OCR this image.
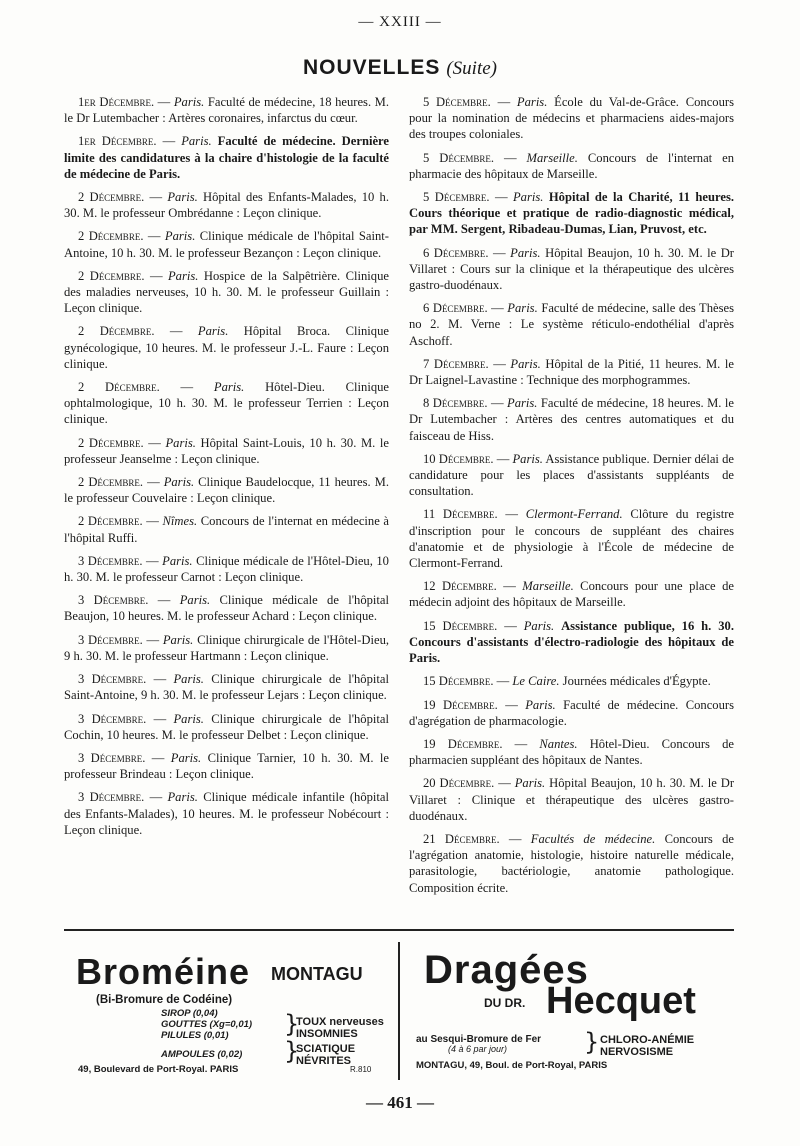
— XXIII —
NOUVELLES (Suite)

1er Décembre. — Paris. Faculté de médecine, 18 heures. M. le Dr Lutembacher : Artères coronaires, infarctus du cœur.

1er Décembre. — Paris. Faculté de médecine. Dernière limite des candidatures à la chaire d'histologie de la faculté de médecine de Paris.

2 Décembre. — Paris. Hôpital des Enfants-Malades, 10 h. 30. M. le professeur Ombrédanne : Leçon clinique.

2 Décembre. — Paris. Clinique médicale de l'hôpital Saint-Antoine, 10 h. 30. M. le professeur Bezançon : Leçon clinique.

2 Décembre. — Paris. Hospice de la Salpêtrière. Clinique des maladies nerveuses, 10 h. 30. M. le professeur Guillain : Leçon clinique.

2 Décembre. — Paris. Hôpital Broca. Clinique gynécologique, 10 heures. M. le professeur J.-L. Faure : Leçon clinique.

2 Décembre. — Paris. Hôtel-Dieu. Clinique ophtalmologique, 10 h. 30. M. le professeur Terrien : Leçon clinique.

2 Décembre. — Paris. Hôpital Saint-Louis, 10 h. 30. M. le professeur Jeanselme : Leçon clinique.

2 Décembre. — Paris. Clinique Baudelocque, 11 heures. M. le professeur Couvelaire : Leçon clinique.

2 Décembre. — Nîmes. Concours de l'internat en médecine à l'hôpital Ruffi.

3 Décembre. — Paris. Clinique médicale de l'Hôtel-Dieu, 10 h. 30. M. le professeur Carnot : Leçon clinique.

3 Décembre. — Paris. Clinique médicale de l'hôpital Beaujon, 10 heures. M. le professeur Achard : Leçon clinique.

3 Décembre. — Paris. Clinique chirurgicale de l'Hôtel-Dieu, 9 h. 30. M. le professeur Hartmann : Leçon clinique.

3 Décembre. — Paris. Clinique chirurgicale de l'hôpital Saint-Antoine, 9 h. 30. M. le professeur Lejars : Leçon clinique.

3 Décembre. — Paris. Clinique chirurgicale de l'hôpital Cochin, 10 heures. M. le professeur Delbet : Leçon clinique.

3 Décembre. — Paris. Clinique Tarnier, 10 h. 30. M. le professeur Brindeau : Leçon clinique.

3 Décembre. — Paris. Clinique médicale infantile (hôpital des Enfants-Malades), 10 heures. M. le professeur Nobécourt : Leçon clinique.

5 Décembre. — Paris. École du Val-de-Grâce. Concours pour la nomination de médecins et pharmaciens aides-majors des troupes coloniales.

5 Décembre. — Marseille. Concours de l'internat en pharmacie des hôpitaux de Marseille.

5 Décembre. — Paris. Hôpital de la Charité, 11 heures. Cours théorique et pratique de radio-diagnostic médical, par MM. Sergent, Ribadeau-Dumas, Lian, Pruvost, etc.

6 Décembre. — Paris. Hôpital Beaujon, 10 h. 30. M. le Dr Villaret : Cours sur la clinique et la thérapeutique des ulcères gastro-duodénaux.

6 Décembre. — Paris. Faculté de médecine, salle des Thèses no 2. M. Verne : Le système réticulo-endothélial d'après Aschoff.

7 Décembre. — Paris. Hôpital de la Pitié, 11 heures. M. le Dr Laignel-Lavastine : Technique des morphogrammes.

8 Décembre. — Paris. Faculté de médecine, 18 heures. M. le Dr Lutembacher : Artères des centres automatiques et du faisceau de Hiss.

10 Décembre. — Paris. Assistance publique. Dernier délai de candidature pour les places d'assistants suppléants de consultation.

11 Décembre. — Clermont-Ferrand. Clôture du registre d'inscription pour le concours de suppléant des chaires d'anatomie et de physiologie à l'École de médecine de Clermont-Ferrand.

12 Décembre. — Marseille. Concours pour une place de médecin adjoint des hôpitaux de Marseille.

15 Décembre. — Paris. Assistance publique, 16 h. 30. Concours d'assistants d'électro-radiologie des hôpitaux de Paris.

15 Décembre. — Le Caire. Journées médicales d'Égypte.

19 Décembre. — Paris. Faculté de médecine. Concours d'agrégation de pharmacologie.

19 Décembre. — Nantes. Hôtel-Dieu. Concours de pharmacien suppléant des hôpitaux de Nantes.

20 Décembre. — Paris. Hôpital Beaujon, 10 h. 30. M. le Dr Villaret : Clinique et thérapeutique des ulcères gastro-duodénaux.

21 Décembre. — Facultés de médecine. Concours de l'agrégation anatomie, histologie, histoire naturelle médicale, parasitologie, bactériologie, anatomie pathologique. Composition écrite.

Broméine MONTAGU
(Bi-Bromure de Codéine)
SIROP (0,04)
GOUTTES (Xg=0,01)
PILULES (0,01)
AMPOULES (0,02)
}
TOUX nerveuses
INSOMNIES
}
SCIATIQUE
NÉVRITES
49, Boulevard de Port-Royal. PARIS	R.810
Dragées
DU DR. Hecquet
au Sesqui-Bromure de Fer
(4 à 6 par jour)	} CHLORO-ANÉMIE
NERVOSISME
MONTAGU, 49, Boul. de Port-Royal, PARIS
— 461 —
